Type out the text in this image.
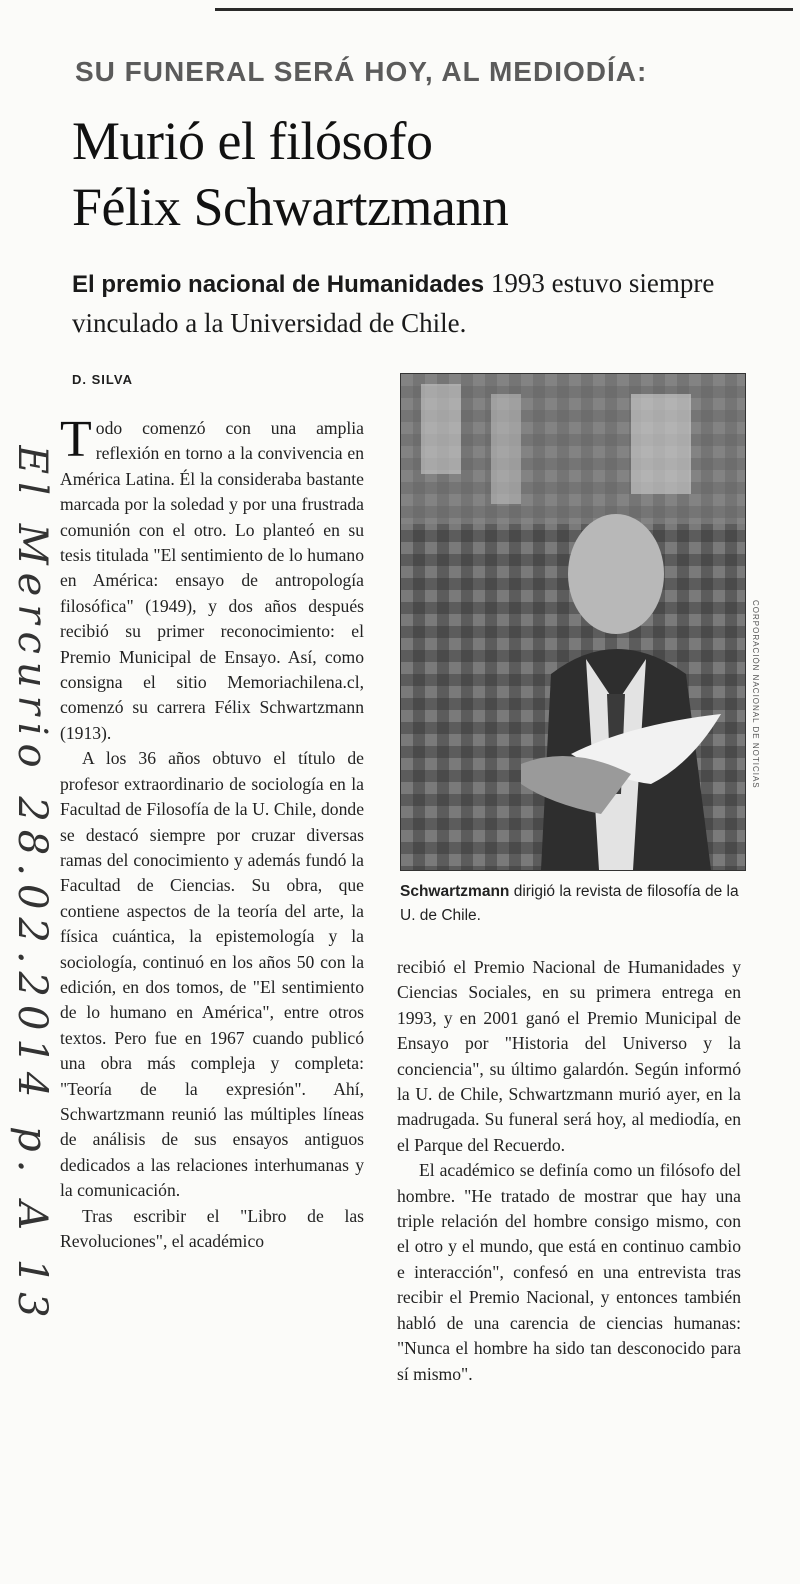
SU FUNERAL SERÁ HOY, AL MEDIODÍA:
Murió el filósofo
Félix Schwartzmann
El premio nacional de Humanidades 1993 estuvo siempre vinculado a la Universidad de Chile.
D. SILVA

Todo comenzó con una amplia reflexión en torno a la convivencia en América Latina. Él la consideraba bastante marcada por la soledad y por una frustrada comunión con el otro. Lo planteó en su tesis titulada "El sentimiento de lo humano en América: ensayo de antropología filosófica" (1949), y dos años después recibió su primer reconocimiento: el Premio Municipal de Ensayo. Así, como consigna el sitio Memoriachilena.cl, comenzó su carrera Félix Schwartzmann (1913).

A los 36 años obtuvo el título de profesor extraordinario de sociología en la Facultad de Filosofía de la U. Chile, donde se destacó siempre por cruzar diversas ramas del conocimiento y además fundó la Facultad de Ciencias. Su obra, que contiene aspectos de la teoría del arte, la física cuántica, la epistemología y la sociología, continuó en los años 50 con la edición, en dos tomos, de "El sentimiento de lo humano en América", entre otros textos. Pero fue en 1967 cuando publicó una obra más compleja y completa: "Teoría de la expresión". Ahí, Schwartzmann reunió las múltiples líneas de análisis de sus ensayos antiguos dedicados a las relaciones interhumanas y la comunicación.

Tras escribir el "Libro de las Revoluciones", el académico

CORPORACIÓN NACIONAL DE NOTICIAS
Schwartzmann dirigió la revista de filosofía de la U. de Chile.

recibió el Premio Nacional de Humanidades y Ciencias Sociales, en su primera entrega en 1993, y en 2001 ganó el Premio Municipal de Ensayo por "Historia del Universo y la conciencia", su último galardón. Según informó la U. de Chile, Schwartzmann murió ayer, en la madrugada. Su funeral será hoy, al mediodía, en el Parque del Recuerdo.

El académico se definía como un filósofo del hombre. "He tratado de mostrar que hay una triple relación del hombre consigo mismo, con el otro y el mundo, que está en continuo cambio e interacción", confesó en una entrevista tras recibir el Premio Nacional, y entonces también habló de una carencia de ciencias humanas: "Nunca el hombre ha sido tan desconocido para sí mismo".

El Mercurio 28.02.2014 p. A 13
